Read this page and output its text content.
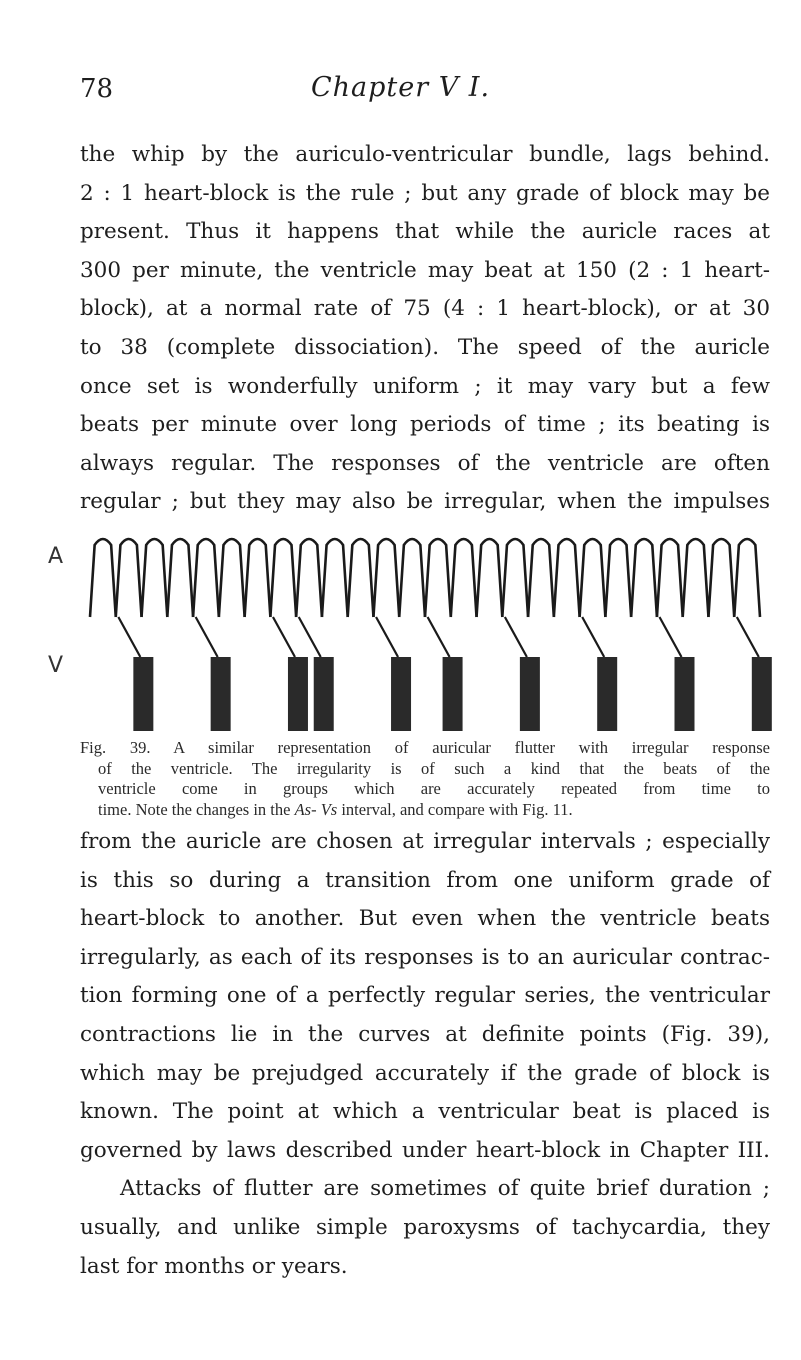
78	Chapter V I.
the whip by the auriculo-ventricular bundle, lags behind.
2 : 1 heart-block is the rule ; but any grade of block may be
present. Thus it happens that while the auricle races at
300 per minute, the ventricle may beat at 150 (2 : 1 heart-
block), at a normal rate of 75 (4 : 1 heart-block), or at 30
to 38 (complete dissociation). The speed of the auricle
once set is wonderfully uniform ; it may vary but a few
beats per minute over long periods of time ; its beating is
always regular. The responses of the ventricle are often
regular ; but they may also be irregular, when the impulses
A
V
Fig. 39. A similar representation of auricular flutter with irregular response
of the ventricle. The irregularity is of such a kind that the beats of the
ventricle come in groups which are accurately repeated from time to
time. Note the changes in the As- Vs interval, and compare with Fig. 11.
from the auricle are chosen at irregular intervals ; especially
is this so during a transition from one uniform grade of
heart-block to another. But even when the ventricle beats
irregularly, as each of its responses is to an auricular contrac-
tion forming one of a perfectly regular series, the ventricular
contractions lie in the curves at definite points (Fig. 39),
which may be prejudged accurately if the grade of block is
known. The point at which a ventricular beat is placed is
governed by laws described under heart-block in Chapter III.
Attacks of flutter are sometimes of quite brief duration ;
usually, and unlike simple paroxysms of tachycardia, they
last for months or years.
